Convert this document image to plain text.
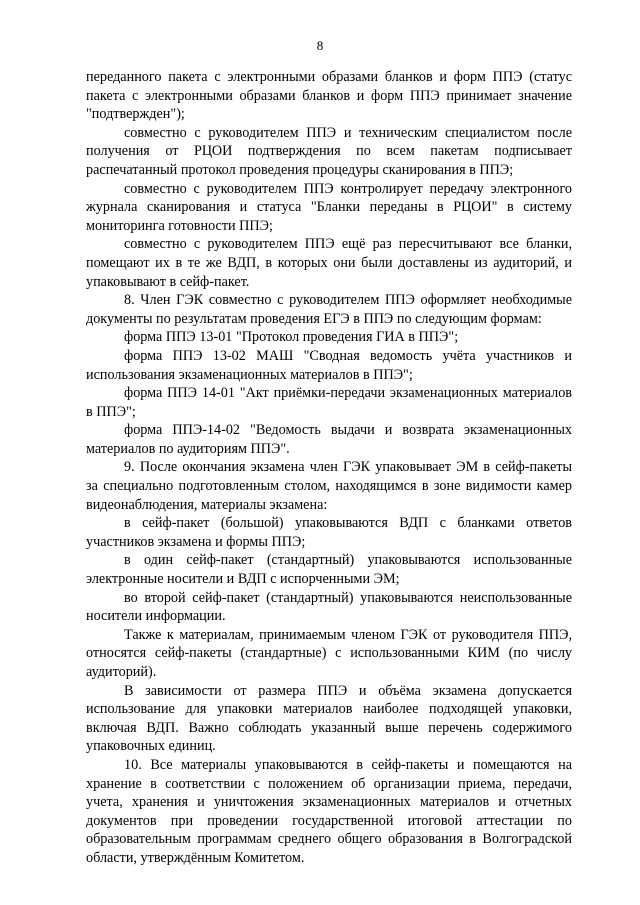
8

переданного пакета с электронными образами бланков и форм ППЭ (статус пакета с электронными образами бланков и форм ППЭ принимает значение "подтвержден");

совместно с руководителем ППЭ и техническим специалистом после получения от РЦОИ подтверждения по всем пакетам подписывает распечатанный протокол проведения процедуры сканирования в ППЭ;

совместно с руководителем ППЭ контролирует передачу электронного журнала сканирования и статуса "Бланки переданы в РЦОИ" в систему мониторинга готовности ППЭ;

совместно с руководителем ППЭ ещё раз пересчитывают все бланки, помещают их в те же ВДП, в которых они были доставлены из аудиторий, и упаковывают в сейф-пакет.

8. Член ГЭК совместно с руководителем ППЭ оформляет необходимые документы по результатам проведения ЕГЭ в ППЭ по следующим формам:

форма ППЭ 13-01 "Протокол проведения ГИА в ППЭ";

форма ППЭ 13-02 МАШ "Сводная ведомость учёта участников и использования экзаменационных материалов в ППЭ";

форма ППЭ 14-01 "Акт приёмки-передачи экзаменационных материалов в ППЭ";

форма ППЭ-14-02 "Ведомость выдачи и возврата экзаменационных материалов по аудиториям ППЭ".

9. После окончания экзамена член ГЭК упаковывает ЭМ в сейф-пакеты за специально подготовленным столом, находящимся в зоне видимости камер видеонаблюдения, материалы экзамена:

в сейф-пакет (большой) упаковываются ВДП с бланками ответов участников экзамена и формы ППЭ;

в один сейф-пакет (стандартный) упаковываются использованные электронные носители и ВДП с испорченными ЭМ;

во второй сейф-пакет (стандартный) упаковываются неиспользованные носители информации.

Также к материалам, принимаемым членом ГЭК от руководителя ППЭ, относятся сейф-пакеты (стандартные) с использованными КИМ (по числу аудиторий).

В зависимости от размера ППЭ и объёма экзамена допускается использование для упаковки материалов наиболее подходящей упаковки, включая ВДП. Важно соблюдать указанный выше перечень содержимого упаковочных единиц.

10. Все материалы упаковываются в сейф-пакеты и помещаются на хранение в соответствии с положением об организации приема, передачи, учета, хранения и уничтожения экзаменационных материалов и отчетных документов при проведении государственной итоговой аттестации по образовательным программам среднего общего образования в Волгоградской области, утверждённым Комитетом.
